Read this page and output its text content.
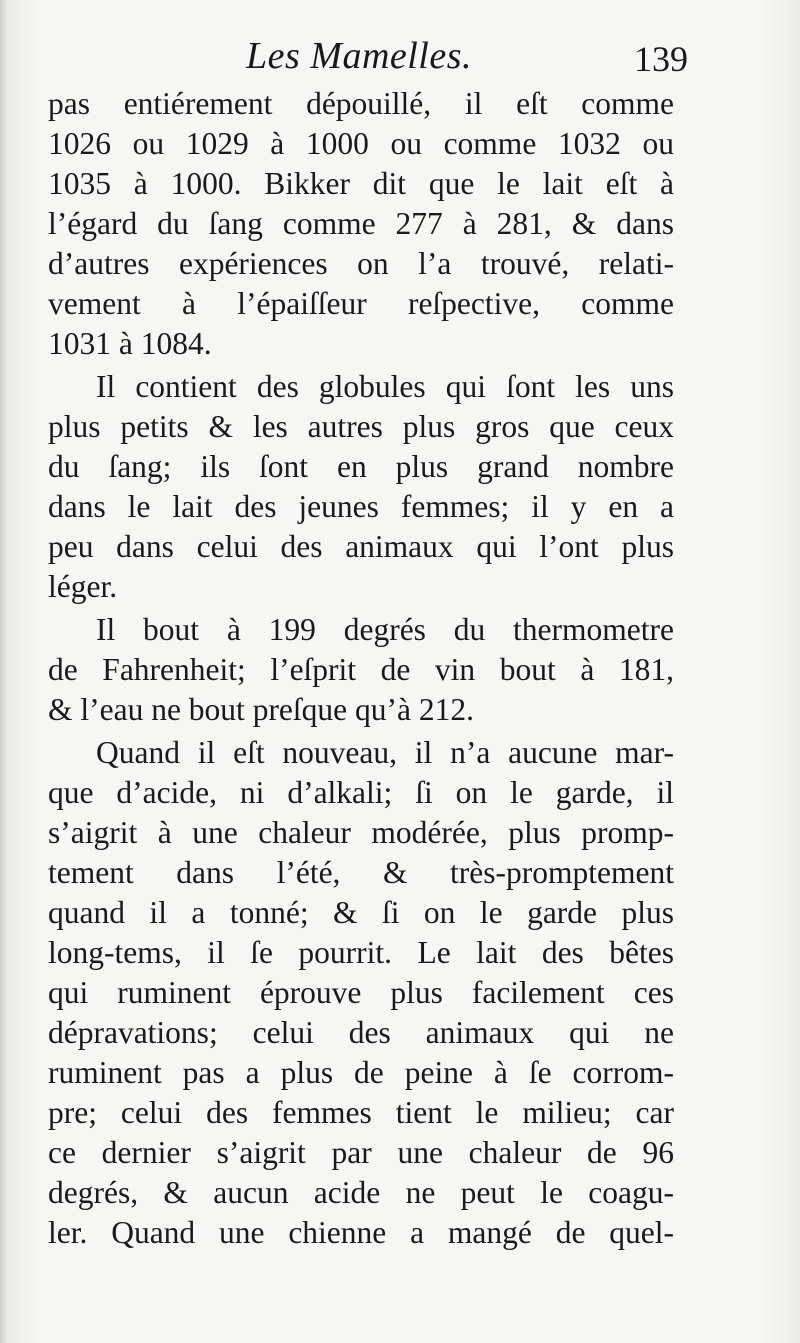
Les Mamelles.	139
pas entiérement dépouillé, il eſt comme
1026 ou 1029 à 1000 ou comme 1032 ou
1035 à 1000. Bikker dit que le lait eſt à
l’égard du ſang comme 277 à 281, & dans
d’autres expériences on l’a trouvé, relati-
vement à l’épaiſſeur reſpective, comme
1031 à 1084.
Il contient des globules qui ſont les uns
plus petits & les autres plus gros que ceux
du ſang; ils ſont en plus grand nombre
dans le lait des jeunes femmes; il y en a
peu dans celui des animaux qui l’ont plus
léger.
Il bout à 199 degrés du thermometre
de Fahrenheit; l’eſprit de vin bout à 181,
& l’eau ne bout preſque qu’à 212.
Quand il eſt nouveau, il n’a aucune mar-
que d’acide, ni d’alkali; ſi on le garde, il
s’aigrit à une chaleur modérée, plus promp-
tement dans l’été, & très-promptement
quand il a tonné; & ſi on le garde plus
long-tems, il ſe pourrit. Le lait des bêtes
qui ruminent éprouve plus facilement ces
dépravations; celui des animaux qui ne
ruminent pas a plus de peine à ſe corrom-
pre; celui des femmes tient le milieu; car
ce dernier s’aigrit par une chaleur de 96
degrés, & aucun acide ne peut le coagu-
ler. Quand une chienne a mangé de quel-
